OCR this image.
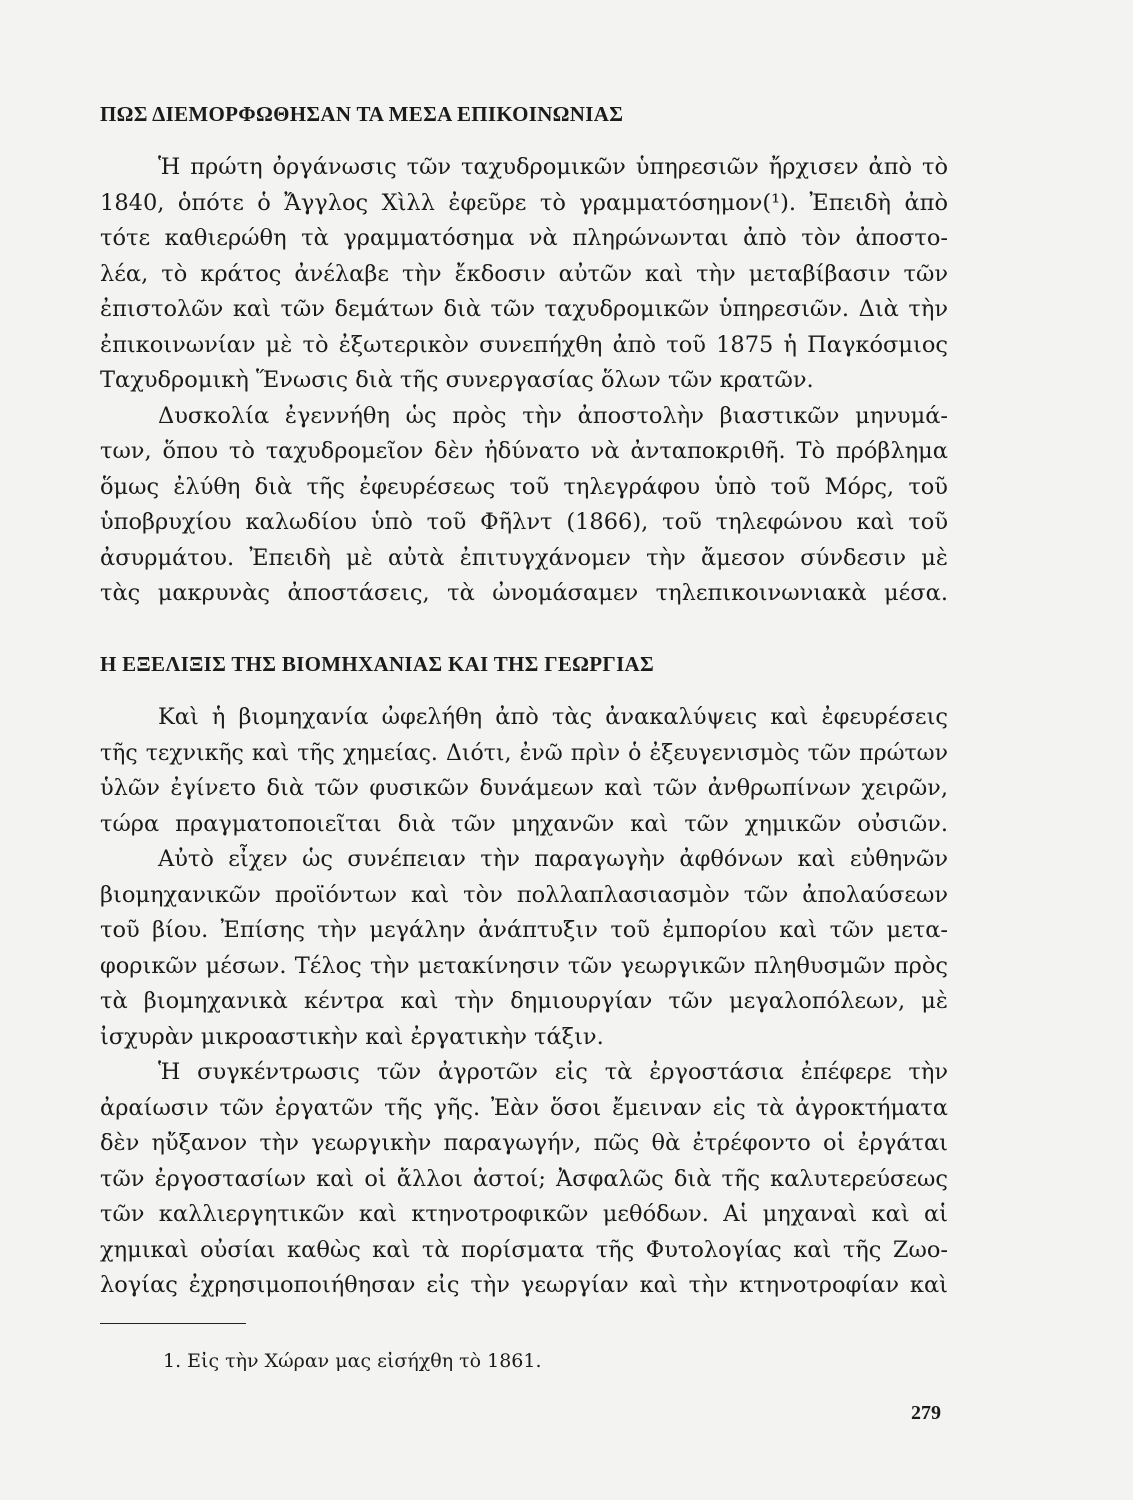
ΠΩΣ ΔΙΕΜΟΡΦΩΘΗΣΑΝ ΤΑ ΜΕΣΑ ΕΠΙΚΟΙΝΩΝΙΑΣ
Ἡ πρώτη ὀργάνωσις τῶν ταχυδρομικῶν ὑπηρεσιῶν ἤρχισεν ἀπὸ τὸ
1840, ὁπότε ὁ Ἄγγλος Χὶλλ ἐφεῦρε τὸ γραμματόσημον(¹). Ἐπειδὴ ἀπὸ
τότε καθιερώθη τὰ γραμματόσημα νὰ πληρώνωνται ἀπὸ τὸν ἀποστο-
λέα, τὸ κράτος ἀνέλαβε τὴν ἔκδοσιν αὐτῶν καὶ τὴν μεταβίβασιν τῶν
ἐπιστολῶν καὶ τῶν δεμάτων διὰ τῶν ταχυδρομικῶν ὑπηρεσιῶν. Διὰ τὴν
ἐπικοινωνίαν μὲ τὸ ἐξωτερικὸν συνεπήχθη ἀπὸ τοῦ 1875 ἡ Παγκόσμιος
Ταχυδρομικὴ Ἕνωσις διὰ τῆς συνεργασίας ὅλων τῶν κρατῶν.
Δυσκολία ἐγεννήθη ὡς πρὸς τὴν ἀποστολὴν βιαστικῶν μηνυμά-
των, ὅπου τὸ ταχυδρομεῖον δὲν ἠδύνατο νὰ ἀνταποκριθῆ. Τὸ πρόβλημα
ὅμως ἐλύθη διὰ τῆς ἐφευρέσεως τοῦ τηλεγράφου ὑπὸ τοῦ Μόρς, τοῦ
ὑποβρυχίου καλωδίου ὑπὸ τοῦ Φῆλντ (1866), τοῦ τηλεφώνου καὶ τοῦ
ἀσυρμάτου. Ἐπειδὴ μὲ αὐτὰ ἐπιτυγχάνομεν τὴν ἄμεσον σύνδεσιν μὲ
τὰς μακρυνὰς ἀποστάσεις, τὰ ὠνομάσαμεν τηλεπικοινωνιακὰ μέσα.
Η ΕΞΕΛΙΞΙΣ ΤΗΣ ΒΙΟΜΗΧΑΝΙΑΣ ΚΑΙ ΤΗΣ ΓΕΩΡΓΙΑΣ
Καὶ ἡ βιομηχανία ὠφελήθη ἀπὸ τὰς ἀνακαλύψεις καὶ ἐφευρέσεις
τῆς τεχνικῆς καὶ τῆς χημείας. Διότι, ἐνῶ πρὶν ὁ ἐξευγενισμὸς τῶν πρώτων
ὑλῶν ἐγίνετο διὰ τῶν φυσικῶν δυνάμεων καὶ τῶν ἀνθρωπίνων χειρῶν,
τώρα πραγματοποιεῖται διὰ τῶν μηχανῶν καὶ τῶν χημικῶν οὐσιῶν.
Αὐτὸ εἶχεν ὡς συνέπειαν τὴν παραγωγὴν ἀφθόνων καὶ εὐθηνῶν
βιομηχανικῶν προϊόντων καὶ τὸν πολλαπλασιασμὸν τῶν ἀπολαύσεων
τοῦ βίου. Ἐπίσης τὴν μεγάλην ἀνάπτυξιν τοῦ ἐμπορίου καὶ τῶν μετα-
φορικῶν μέσων. Τέλος τὴν μετακίνησιν τῶν γεωργικῶν πληθυσμῶν πρὸς
τὰ βιομηχανικὰ κέντρα καὶ τὴν δημιουργίαν τῶν μεγαλοπόλεων, μὲ
ἰσχυρὰν μικροαστικὴν καὶ ἐργατικὴν τάξιν.
Ἡ συγκέντρωσις τῶν ἀγροτῶν εἰς τὰ ἐργοστάσια ἐπέφερε τὴν
ἀραίωσιν τῶν ἐργατῶν τῆς γῆς. Ἐὰν ὅσοι ἔμειναν εἰς τὰ ἀγροκτήματα
δὲν ηὔξανον τὴν γεωργικὴν παραγωγήν, πῶς θὰ ἐτρέφοντο οἱ ἐργάται
τῶν ἐργοστασίων καὶ οἱ ἄλλοι ἀστοί; Ἀσφαλῶς διὰ τῆς καλυτερεύσεως
τῶν καλλιεργητικῶν καὶ κτηνοτροφικῶν μεθόδων. Αἱ μηχαναὶ καὶ αἱ
χημικαὶ οὐσίαι καθὼς καὶ τὰ πορίσματα τῆς Φυτολογίας καὶ τῆς Ζωο-
λογίας ἐχρησιμοποιήθησαν εἰς τὴν γεωργίαν καὶ τὴν κτηνοτροφίαν καὶ
1. Εἰς τὴν Χώραν μας εἰσήχθη τὸ 1861.
279
